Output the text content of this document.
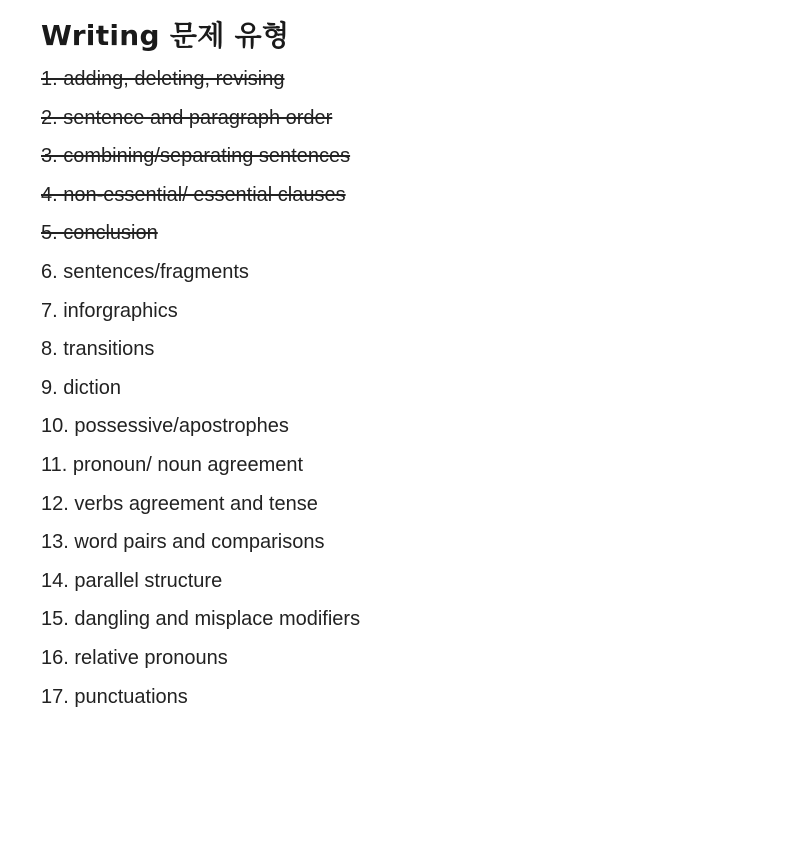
Writing 문제 유형
1. adding, deleting, revising
2. sentence and paragraph order
3. combining/separating sentences
4. non-essential/ essential clauses
5. conclusion
6. sentences/fragments
7. inforgraphics
8. transitions
9. diction
10. possessive/apostrophes
11. pronoun/ noun agreement
12. verbs agreement and tense
13. word pairs and comparisons
14. parallel structure
15. dangling and misplace modifiers
16. relative pronouns
17. punctuations
